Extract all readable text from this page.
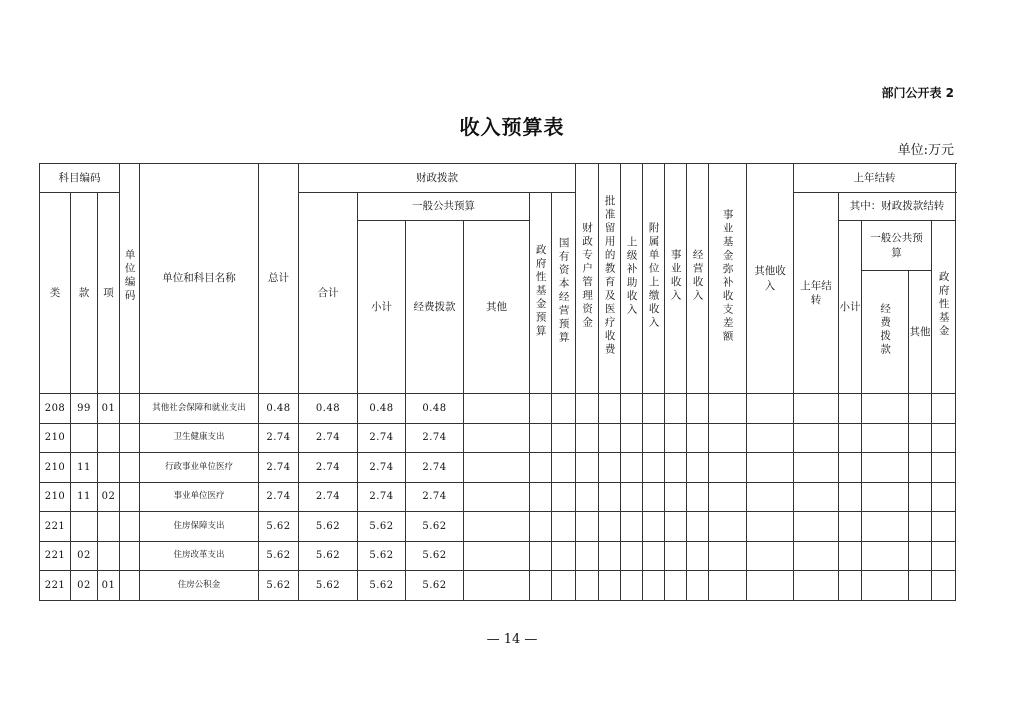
部门公开表 2
收入预算表
单位:万元
科目编码			单位编码	单位和科目名称	总计	财政拨款						财政专户管理资金	批准留用的教育及医疗收费	上级补助收入	附属单位上缴收入	事业收入	经营收入	事业基金弥补收支差额	其他收入	上年结转					
类	款	项				合计	一般公共预算			政府性基金预算	国有资本经营预算									上年结转	其中：财政拨款结转				
							小计	经费拨款	其他												小计	一般公共预算		政府性基金	
																						经费拨款	其他		
208	99	01		其他社会保障和就业支出	0.48	0.48	0.48	0.48																	
210				卫生健康支出	2.74	2.74	2.74	2.74																	
210	11			行政事业单位医疗	2.74	2.74	2.74	2.74																	
210	11	02		事业单位医疗	2.74	2.74	2.74	2.74																	
221				住房保障支出	5.62	5.62	5.62	5.62																	
221	02			住房改革支出	5.62	5.62	5.62	5.62																	
221	02	01		住房公积金	5.62	5.62	5.62	5.62																	
— 14 —
